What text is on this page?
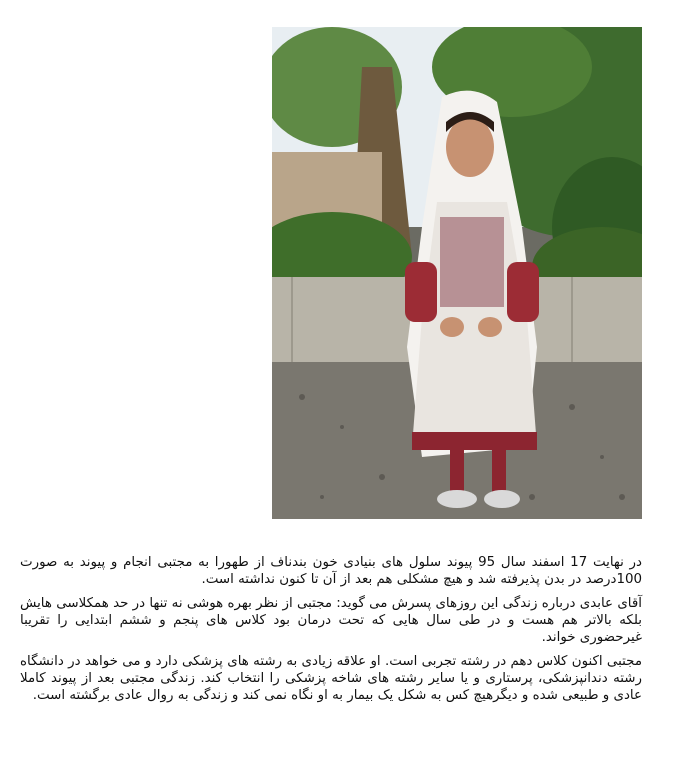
در نهایت 17 اسفند سال 95 پیوند سلول های بنیادی خون بندناف از طهورا به مجتبی انجام و پیوند به صورت 100درصد در بدن پذیرفته شد و هیچ مشکلی هم بعد از آن تا کنون نداشته است.

آقای عابدی درباره زندگی این روزهای پسرش می گوید: مجتبی از نظر بهره هوشی نه تنها در حد همکلاسی هایش بلکه بالاتر هم هست و در طی سال هایی که تحت درمان بود کلاس های پنجم و ششم ابتدایی را تقریبا غیرحضوری خواند.

مجتبی اکنون کلاس دهم در رشته تجربی است. او علاقه زیادی به رشته های پزشکی دارد و می خواهد در دانشگاه رشته دندانپزشکی، پرستاری و یا سایر رشته های شاخه پزشکی را انتخاب کند. زندگی مجتبی بعد از پیوند کاملا عادی و طبیعی شده و دیگرهیچ کس به شکل یک بیمار به او نگاه نمی کند و زندگی به روال عادی برگشته است.
